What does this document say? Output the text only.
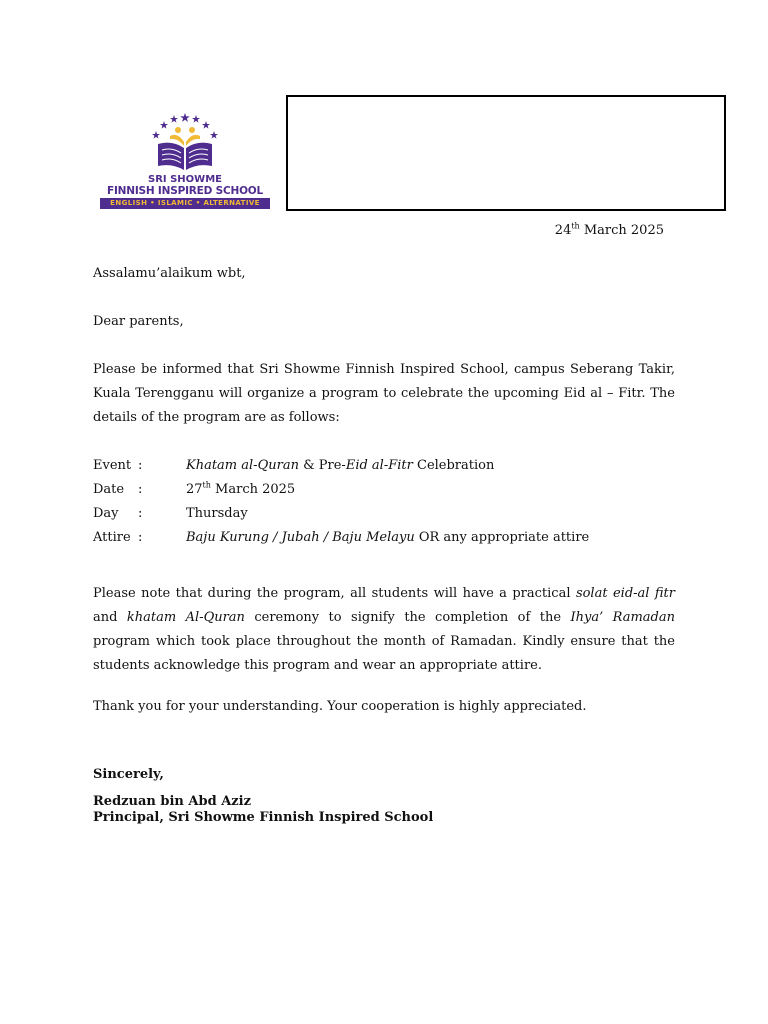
SRI SHOWME
FINNISH INSPIRED SCHOOL
ENGLISH • ISLAMIC • ALTERNATIVE
24th March 2025
Assalamu’alaikum wbt,
Dear parents,
Please be informed that Sri Showme Finnish Inspired School, campus Seberang Takir, Kuala Terengganu will organize a program to celebrate the upcoming Eid al – Fitr. The details of the program are as follows:
Event :	Khatam al-Quran & Pre-Eid al-Fitr Celebration
Date :	27th March 2025
Day :	Thursday
Attire :	Baju Kurung / Jubah / Baju Melayu OR any appropriate attire
Please note that during the program, all students will have a practical solat eid-al fitr and khatam Al-Quran ceremony to signify the completion of the Ihya’ Ramadan program which took place throughout the month of Ramadan. Kindly ensure that the students acknowledge this program and wear an appropriate attire.
Thank you for your understanding. Your cooperation is highly appreciated.
Sincerely,
Redzuan bin Abd Aziz
Principal, Sri Showme Finnish Inspired School
